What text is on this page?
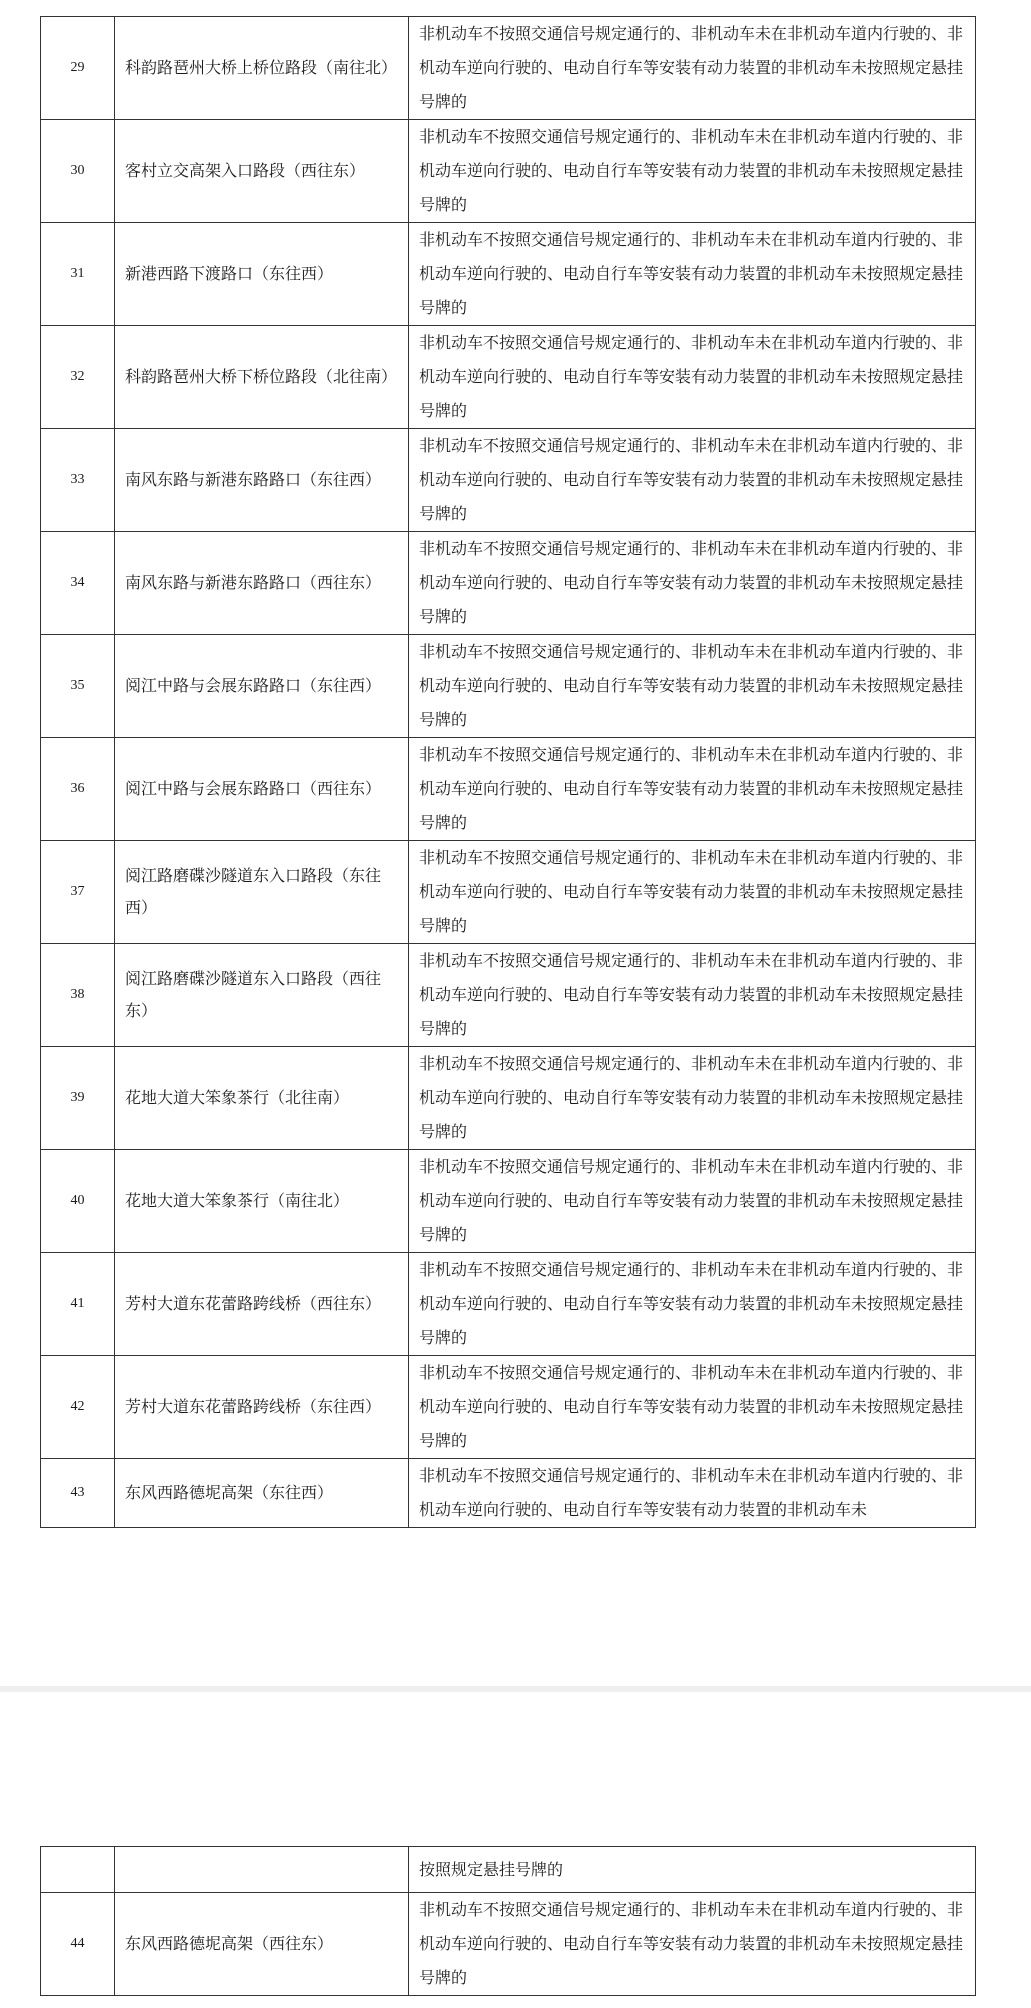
29	科韵路琶州大桥上桥位路段（南往北）	非机动车不按照交通信号规定通行的、非机动车未在非机动车道内行驶的、非机动车逆向行驶的、电动自行车等安装有动力装置的非机动车未按照规定悬挂号牌的
30	客村立交高架入口路段（西往东）	非机动车不按照交通信号规定通行的、非机动车未在非机动车道内行驶的、非机动车逆向行驶的、电动自行车等安装有动力装置的非机动车未按照规定悬挂号牌的
31	新港西路下渡路口（东往西）	非机动车不按照交通信号规定通行的、非机动车未在非机动车道内行驶的、非机动车逆向行驶的、电动自行车等安装有动力装置的非机动车未按照规定悬挂号牌的
32	科韵路琶州大桥下桥位路段（北往南）	非机动车不按照交通信号规定通行的、非机动车未在非机动车道内行驶的、非机动车逆向行驶的、电动自行车等安装有动力装置的非机动车未按照规定悬挂号牌的
33	南风东路与新港东路路口（东往西）	非机动车不按照交通信号规定通行的、非机动车未在非机动车道内行驶的、非机动车逆向行驶的、电动自行车等安装有动力装置的非机动车未按照规定悬挂号牌的
34	南风东路与新港东路路口（西往东）	非机动车不按照交通信号规定通行的、非机动车未在非机动车道内行驶的、非机动车逆向行驶的、电动自行车等安装有动力装置的非机动车未按照规定悬挂号牌的
35	阅江中路与会展东路路口（东往西）	非机动车不按照交通信号规定通行的、非机动车未在非机动车道内行驶的、非机动车逆向行驶的、电动自行车等安装有动力装置的非机动车未按照规定悬挂号牌的
36	阅江中路与会展东路路口（西往东）	非机动车不按照交通信号规定通行的、非机动车未在非机动车道内行驶的、非机动车逆向行驶的、电动自行车等安装有动力装置的非机动车未按照规定悬挂号牌的
37	阅江路磨碟沙隧道东入口路段（东往西）	非机动车不按照交通信号规定通行的、非机动车未在非机动车道内行驶的、非机动车逆向行驶的、电动自行车等安装有动力装置的非机动车未按照规定悬挂号牌的
38	阅江路磨碟沙隧道东入口路段（西往东）	非机动车不按照交通信号规定通行的、非机动车未在非机动车道内行驶的、非机动车逆向行驶的、电动自行车等安装有动力装置的非机动车未按照规定悬挂号牌的
39	花地大道大笨象茶行（北往南）	非机动车不按照交通信号规定通行的、非机动车未在非机动车道内行驶的、非机动车逆向行驶的、电动自行车等安装有动力装置的非机动车未按照规定悬挂号牌的
40	花地大道大笨象茶行（南往北）	非机动车不按照交通信号规定通行的、非机动车未在非机动车道内行驶的、非机动车逆向行驶的、电动自行车等安装有动力装置的非机动车未按照规定悬挂号牌的
41	芳村大道东花蕾路跨线桥（西往东）	非机动车不按照交通信号规定通行的、非机动车未在非机动车道内行驶的、非机动车逆向行驶的、电动自行车等安装有动力装置的非机动车未按照规定悬挂号牌的
42	芳村大道东花蕾路跨线桥（东往西）	非机动车不按照交通信号规定通行的、非机动车未在非机动车道内行驶的、非机动车逆向行驶的、电动自行车等安装有动力装置的非机动车未按照规定悬挂号牌的
43	东风西路德坭高架（东往西）	非机动车不按照交通信号规定通行的、非机动车未在非机动车道内行驶的、非机动车逆向行驶的、电动自行车等安装有动力装置的非机动车未
		按照规定悬挂号牌的
44	东风西路德坭高架（西往东）	非机动车不按照交通信号规定通行的、非机动车未在非机动车道内行驶的、非机动车逆向行驶的、电动自行车等安装有动力装置的非机动车未按照规定悬挂号牌的
